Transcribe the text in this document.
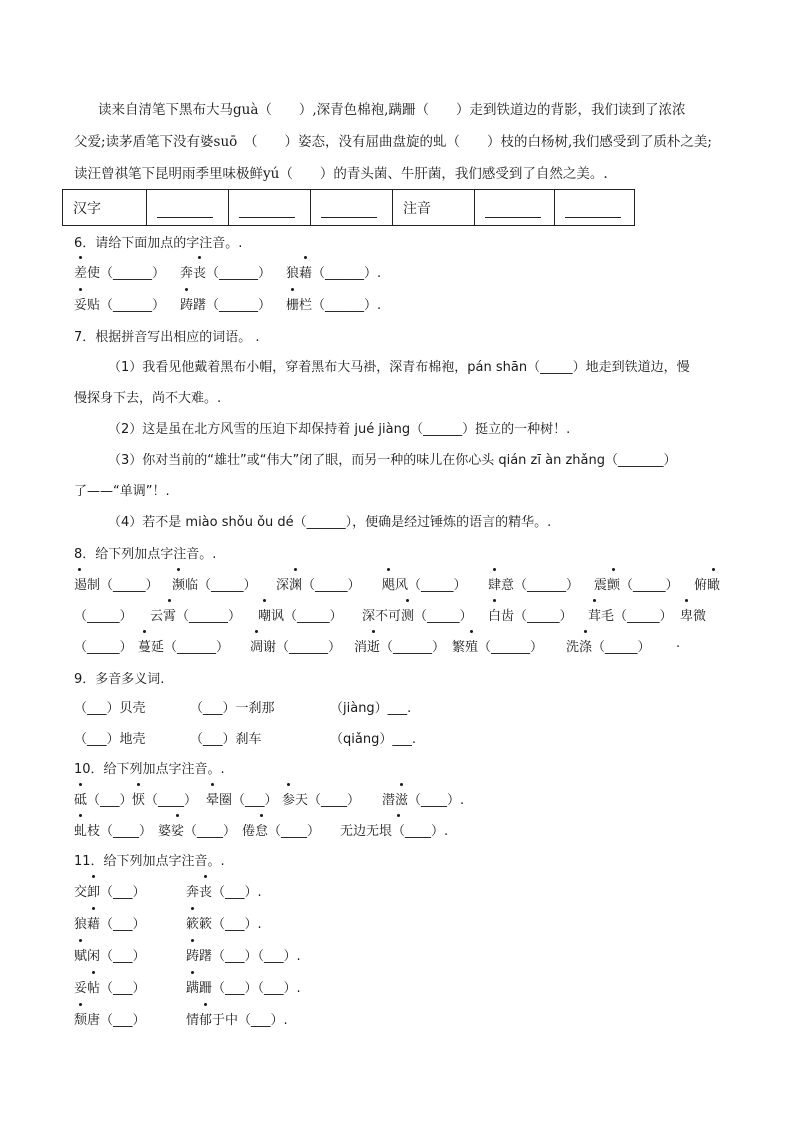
读来自清笔下黑布大马guà（　　）,深青色棉袍,蹒跚（　　）走到铁道边的背影，我们读到了浓浓
父爱;读茅盾笔下没有婆suō　（　　）姿态，没有屈曲盘旋的虬（　　）枝的白杨树,我们感受到了质朴之美;
读汪曾祺笔下昆明雨季里味极鲜yú（　　）的青头菌、牛肝菌，我们感受到了自然之美。.
汉字				注音		
6．请给下面加点的字注音。.
差使（______） 奔丧（______） 狼藉（______）.
妥贴（______） 踌躇（______） 栅栏（______）.
7．根据拼音写出相应的词语。 .
（1）我看见他戴着黑布小帽，穿着黑布大马褂，深青布棉袍，pán shān（_____）地走到铁道边，慢
慢探身下去，尚不大难。.
（2）这是虽在北方风雪的压迫下却保持着 jué jiàng（______）挺立的一种树！.
（3）你对当前的“雄壮”或“伟大”闭了眼，而另一种的味儿在你心头 qián zī àn zhǎng（_______）
了——“单调”！.
（4）若不是 miào shǒu ǒu dé（______），便确是经过锤炼的语言的精华。.
8．给下列加点字注音。.
遏制（_____） 濒临（_____） 深渊（_____） 飓风（_____） 肆意（______） 震颤（_____） 俯瞰
（_____） 云霄（______） 嘲讽（_____） 深不可测（_____） 白齿（_____） 茸毛（_____） 卑微
（_____） 蔓延（______） 凋谢（______） 消逝（______） 繁殖（______） 洗涤（_____） .
9．多音多义词.
（___）贝壳	（___）一刹那	（jiàng）___.
（___）地壳	（___）刹车	（qiǎng）___.
10．给下列加点字注音。.
砥（___） 恹（____） 晕圈（___） 参天（____） 潜滋（____）.
虬枝（____） 婆娑（____） 倦怠（____） 无边无垠（____）.
11．给下列加点字注音。.
交卸（___）	奔丧（___）.
狼藉（___）	簌簌（___）.
赋闲（___）	踌躇（___）（___）.
妥帖（___）	蹒跚（___）（___）.
颓唐（___）	情郁于中（___）.
